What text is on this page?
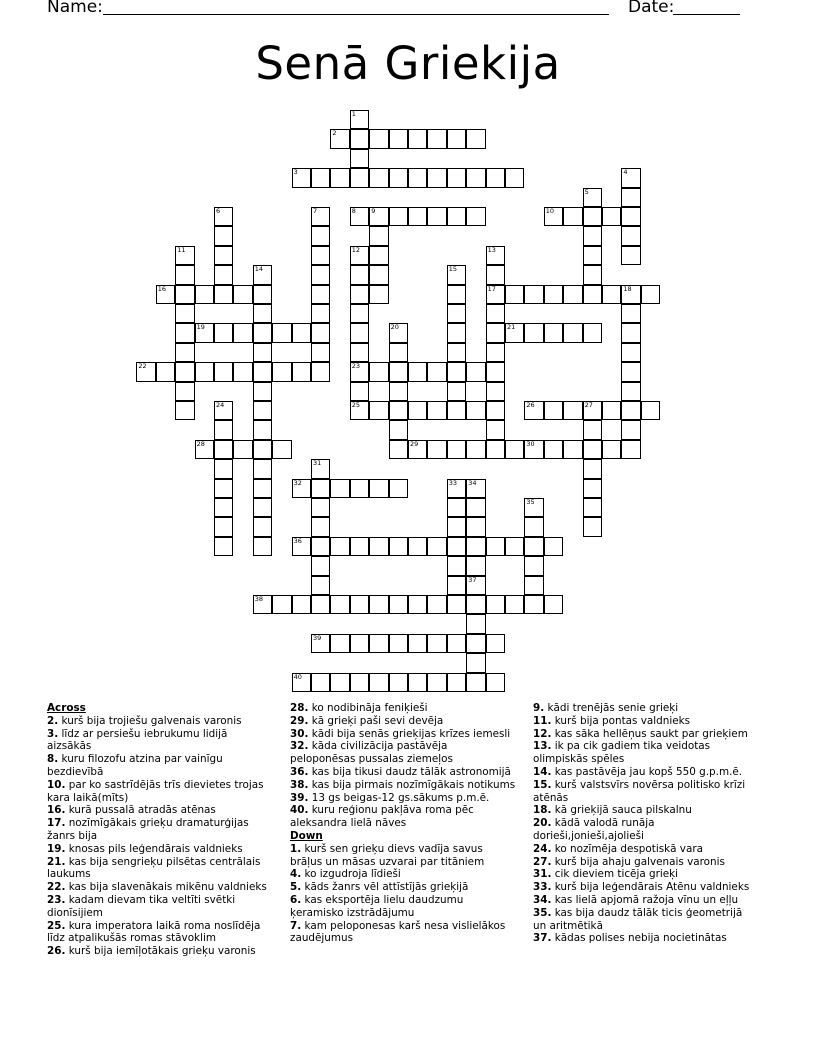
Name:	Date:
Senā Griekija
1
2
3	4
5
6	7	8 9	10
11	12
23
25
13
17
14	15
16	18
19	20	21
22
24	26	27
28	29	30
31
32	33 34
37
35
36
38
39
40
Across
2. kurš bija trojiešu galvenais varonis
3. līdz ar persiešu iebrukumu lidijā
aizsākās
8. kuru filozofu atzina par vainīgu
bezdievībā
10. par ko sastrīdējās trīs dievietes trojas
kara laikā(mīts)
16. kurā pussalā atradās atēnas
17. nozīmīgākais grieķu dramaturģijas
žanrs bija
19. knosas pils leģendārais valdnieks
21. kas bija sengrieķu pilsētas centrālais
laukums
22. kas bija slavenākais mikēnu valdnieks
23. kadam dievam tika veltīti svētki
dionīsijiem
25. kura imperatora laikā roma noslīdēja
līdz atpalikušās romas stāvoklim
26. kurš bija iemīļotākais grieķu varonis
28. ko nodibināja feniķieši
29. kā grieķi paši sevi devēja
30. kādi bija senās grieķijas krīzes iemesli
32. kāda civilizācija pastāvēja
peloponēsas pussalas ziemeļos
36. kas bija tikusi daudz tālāk astronomijā
38. kas bija pirmais nozīmīgākais notikums
39. 13 gs beigas-12 gs.sākums p.m.ē.
40. kuru reģionu pakļāva roma pēc
aleksandra lielā nāves
Down
1. kurš sen grieķu dievs vadīja savus
brāļus un māsas uzvarai par titāniem
4. ko izgudroja līdieši
5. kāds žanrs vēl attīstījās grieķijā
6. kas eksportēja lielu daudzumu
ķeramisko izstrādājumu
7. kam peloponesas karš nesa vislielākos
zaudējumus
9. kādi trenējās senie grieķi
11. kurš bija pontas valdnieks
12. kas sāka hellēņus saukt par grieķiem
13. ik pa cik gadiem tika veidotas
olimpiskās spēles
14. kas pastāvēja jau kopš 550 g.p.m.ē.
15. kurš valstsvīrs novērsa politisko krīzi
atēnās
18. kā grieķijā sauca pilskalnu
20. kādā valodā runāja
dorieši,jonieši,ajolieši
24. ko nozīmēja despotiskā vara
27. kurš bija ahaju galvenais varonis
31. cik dieviem ticēja grieķi
33. kurš bija leģendārais Atēnu valdnieks
34. kas lielā apjomā ražoja vīnu un eļļu
35. kas bija daudz tālāk ticis ģeometrijā
un aritmētikā
37. kādas polises nebija nocietinātas
